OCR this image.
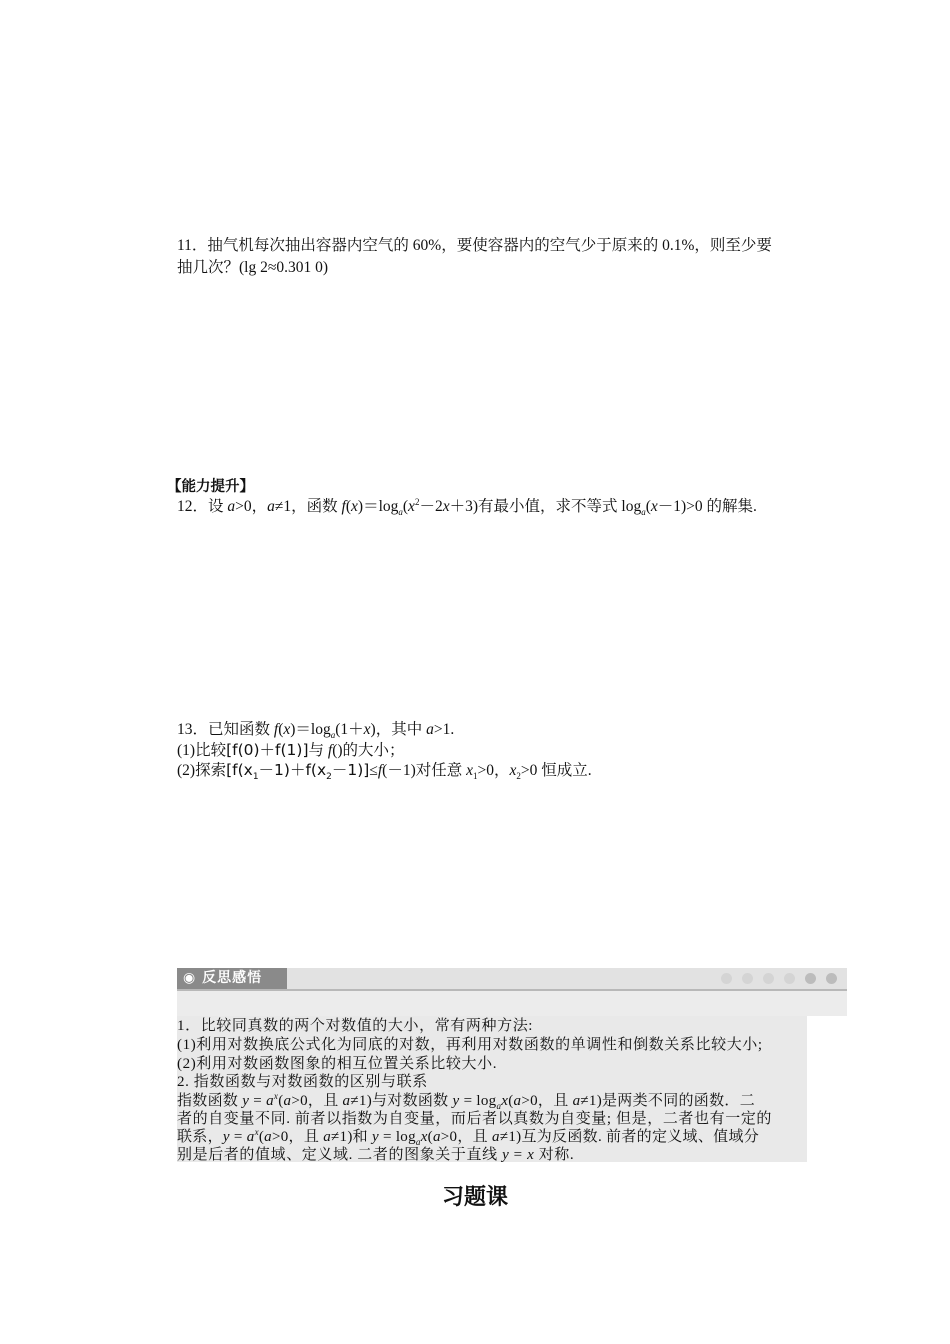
11．抽气机每次抽出容器内空气的 60%，要使容器内的空气少于原来的 0.1%，则至少要
抽几次？(lg 2≈0.301 0)
【能力提升】
12．设 a>0，a≠1，函数 $f(x)=\log_a(x^2-2x+3)$有最小值，求不等式 $\log_a(x-1)>0$ 的解集.
13．已知函数 $f(x)=\log_a(1+x)$，其中 a>1.
(1)比较[f(0)＋f(1)]与 f()的大小；
(2)探索$[f(x_1-1)+f(x_2-1)]\le f(-1)$对任意 $x_1>0$，$x_2>0$ 恒成立.
◉ 反思感悟
1．比较同真数的两个对数值的大小，常有两种方法:
(1)利用对数换底公式化为同底的对数，再利用对数函数的单调性和倒数关系比较大小;
(2)利用对数函数图象的相互位置关系比较大小.
2. 指数函数与对数函数的区别与联系
指数函数 $y = a^x(a>0$，且 a≠1)与对数函数 $y = \log_ax(a>0$，且 a≠1)是两类不同的函数．二
者的自变量不同. 前者以指数为自变量，而后者以真数为自变量; 但是，二者也有一定的
联系，$y = a^x(a>0$，且 a≠1)和 $y = \log_ax(a>0$，且 a≠1)互为反函数. 前者的定义域、值域分
别是后者的值域、定义域. 二者的图象关于直线 y = x 对称.
习题课
